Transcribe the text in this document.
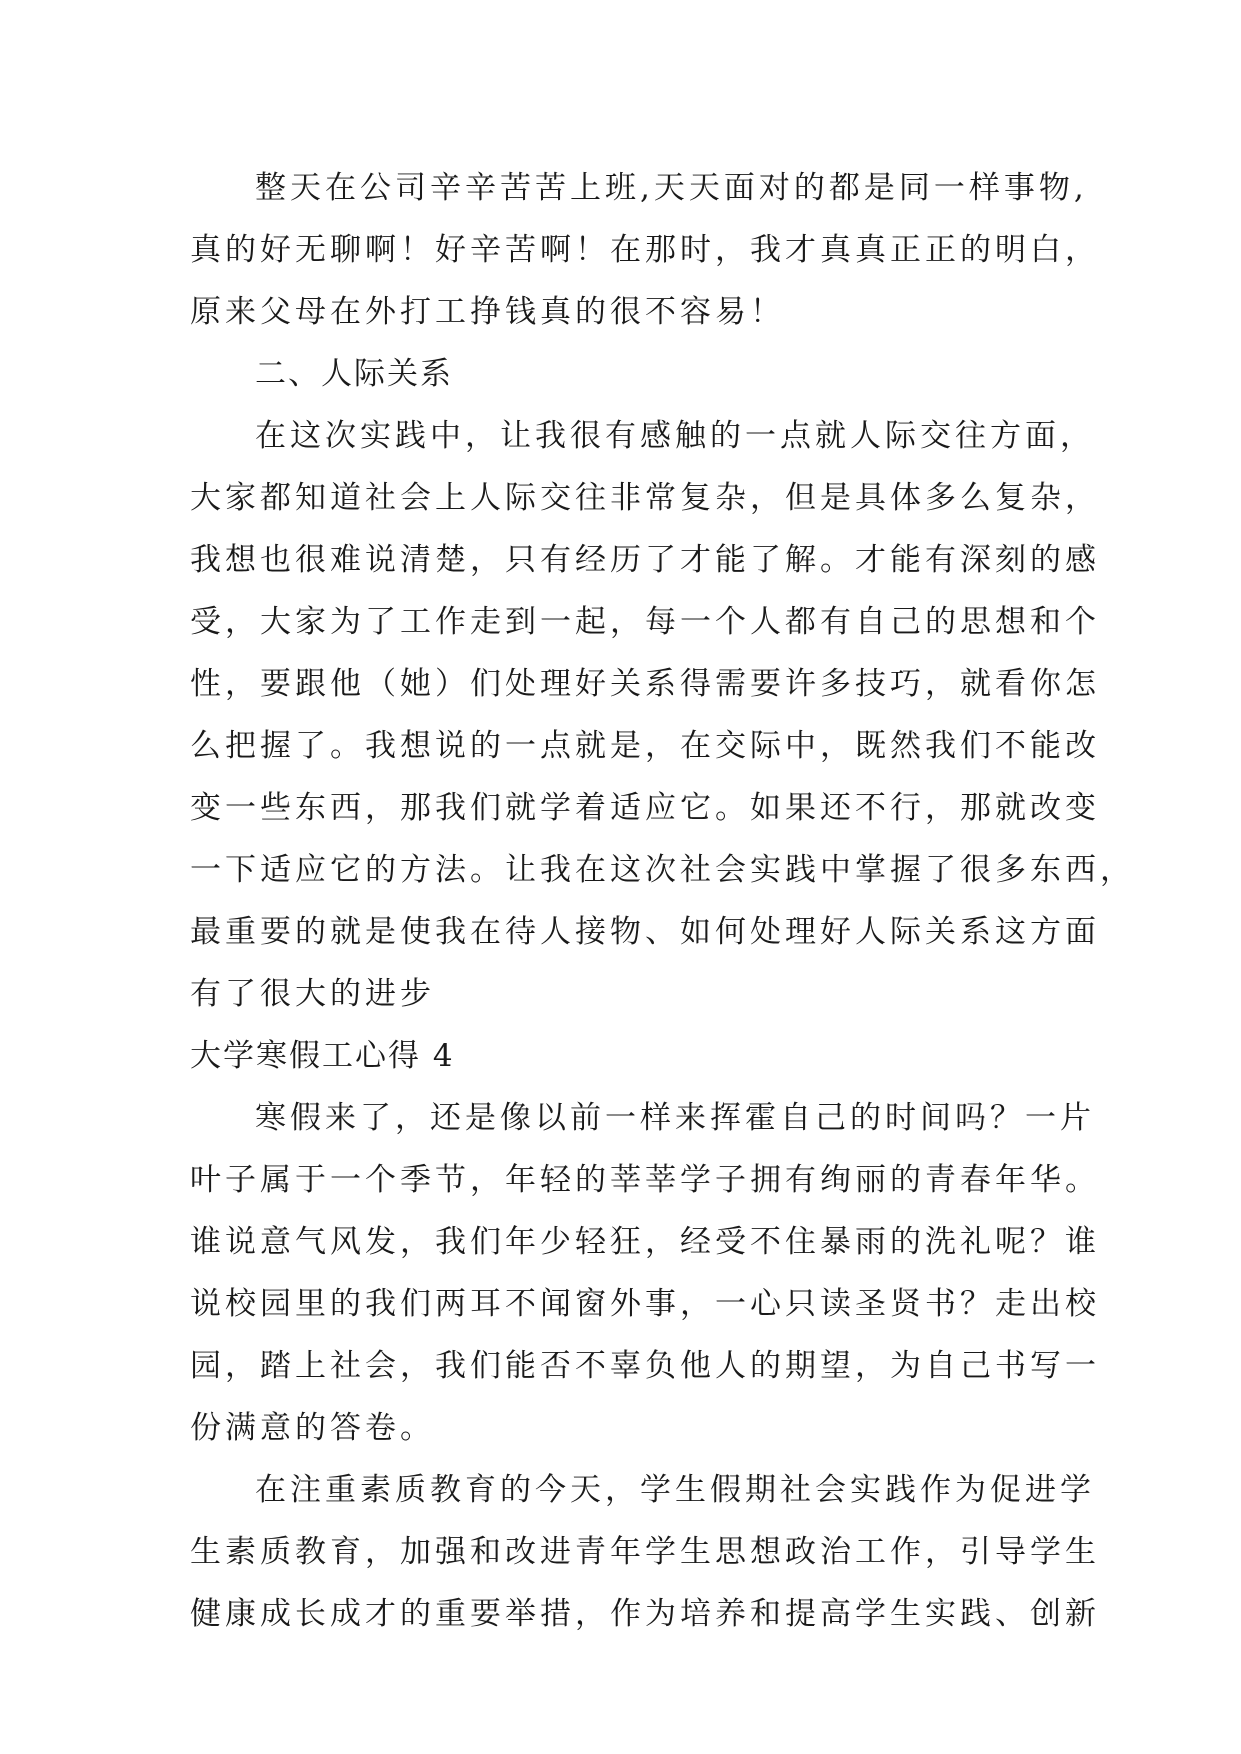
整天在公司辛辛苦苦上班,天天面对的都是同一样事物,
真的好无聊啊！好辛苦啊！在那时，我才真真正正的明白，
原来父母在外打工挣钱真的很不容易！
二、人际关系
在这次实践中，让我很有感触的一点就人际交往方面，
大家都知道社会上人际交往非常复杂，但是具体多么复杂，
我想也很难说清楚，只有经历了才能了解。才能有深刻的感
受，大家为了工作走到一起，每一个人都有自己的思想和个
性，要跟他（她）们处理好关系得需要许多技巧，就看你怎
么把握了。我想说的一点就是，在交际中，既然我们不能改
变一些东西，那我们就学着适应它。如果还不行，那就改变
一下适应它的方法。让我在这次社会实践中掌握了很多东西，
最重要的就是使我在待人接物、如何处理好人际关系这方面
有了很大的进步
大学寒假工心得 4
寒假来了，还是像以前一样来挥霍自己的时间吗？一片
叶子属于一个季节，年轻的莘莘学子拥有绚丽的青春年华。
谁说意气风发，我们年少轻狂，经受不住暴雨的洗礼呢？谁
说校园里的我们两耳不闻窗外事，一心只读圣贤书？走出校
园，踏上社会，我们能否不辜负他人的期望，为自己书写一
份满意的答卷。
在注重素质教育的今天，学生假期社会实践作为促进学
生素质教育，加强和改进青年学生思想政治工作，引导学生
健康成长成才的重要举措，作为培养和提高学生实践、创新
